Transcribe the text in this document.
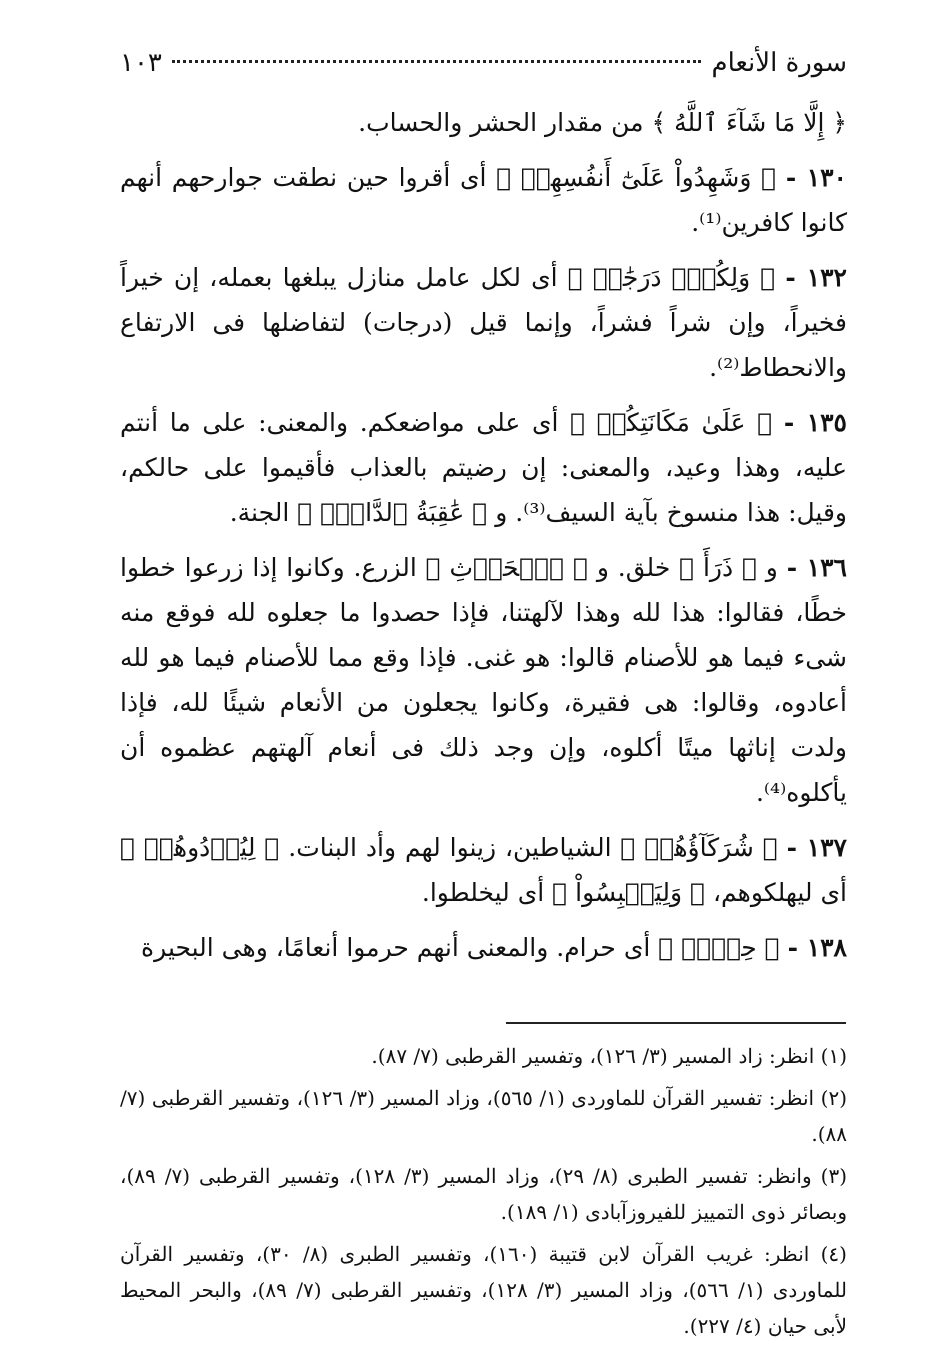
سورة الأنعام
١٠٣

﴿ إِلَّا مَا شَآءَ ٱللَّهُ ﴾ من مقدار الحشر والحساب.

١٣٠ - ﴿ وَشَهِدُواْ عَلَىٰٓ أَنفُسِهِمۡ ﴾ أى أقروا حين نطقت جوارحهم أنهم كانوا كافرين⁽¹⁾.

١٣٢ - ﴿ وَلِكُلّٖ دَرَجَٰتٞ ﴾ أى لكل عامل منازل يبلغها بعمله، إن خيراً فخيراً، وإن شراً فشراً، وإنما قيل (درجات) لتفاضلها فى الارتفاع والانحطاط⁽²⁾.

١٣٥ - ﴿ عَلَىٰ مَكَانَتِكُمۡ ﴾ أى على مواضعكم. والمعنى: على ما أنتم عليه، وهذا وعيد، والمعنى: إن رضيتم بالعذاب فأقيموا على حالكم، وقيل: هذا منسوخ بآية السيف⁽³⁾. و ﴿ عَٰقِبَةُ ٱلدَّارِۗ ﴾ الجنة.

١٣٦ - و ﴿ ذَرَأَ ﴾ خلق. و ﴿ ٱلۡحَرۡثِ ﴾ الزرع. وكانوا إذا زرعوا خطوا خطًا، فقالوا: هذا لله وهذا لآلهتنا، فإذا حصدوا ما جعلوه لله فوقع منه شىء فيما هو للأصنام قالوا: هو غنى. فإذا وقع مما للأصنام فيما هو لله أعادوه، وقالوا: هى فقيرة، وكانوا يجعلون من الأنعام شيئًا لله، فإذا ولدت إناثها ميتًا أكلوه، وإن وجد ذلك فى أنعام آلهتهم عظموه أن يأكلوه⁽⁴⁾.

١٣٧ - ﴿ شُرَكَآؤُهُمۡ ﴾ الشياطين، زينوا لهم وأد البنات. ﴿ لِيُرۡدُوهُمۡ ﴾ أى ليهلكوهم، ﴿ وَلِيَلۡبِسُواْ ﴾ أى ليخلطوا.

١٣٨ - ﴿ حِجۡرٞ ﴾ أى حرام. والمعنى أنهم حرموا أنعامًا، وهى البحيرة

(١) انظر: زاد المسير (٣/ ١٢٦)، وتفسير القرطبى (٧/ ٨٧).

(٢) انظر: تفسير القرآن للماوردى (١/ ٥٦٥)، وزاد المسير (٣/ ١٢٦)، وتفسير القرطبى (٧/ ٨٨).

(٣) وانظر: تفسير الطبرى (٨/ ٢٩)، وزاد المسير (٣/ ١٢٨)، وتفسير القرطبى (٧/ ٨٩)، وبصائر ذوى التمييز للفيروزآبادى (١/ ١٨٩).

(٤) انظر: غريب القرآن لابن قتيبة (١٦٠)، وتفسير الطبرى (٨/ ٣٠)، وتفسير القرآن للماوردى (١/ ٥٦٦)، وزاد المسير (٣/ ١٢٨)، وتفسير القرطبى (٧/ ٨٩)، والبحر المحيط لأبى حيان (٤/ ٢٢٧).
